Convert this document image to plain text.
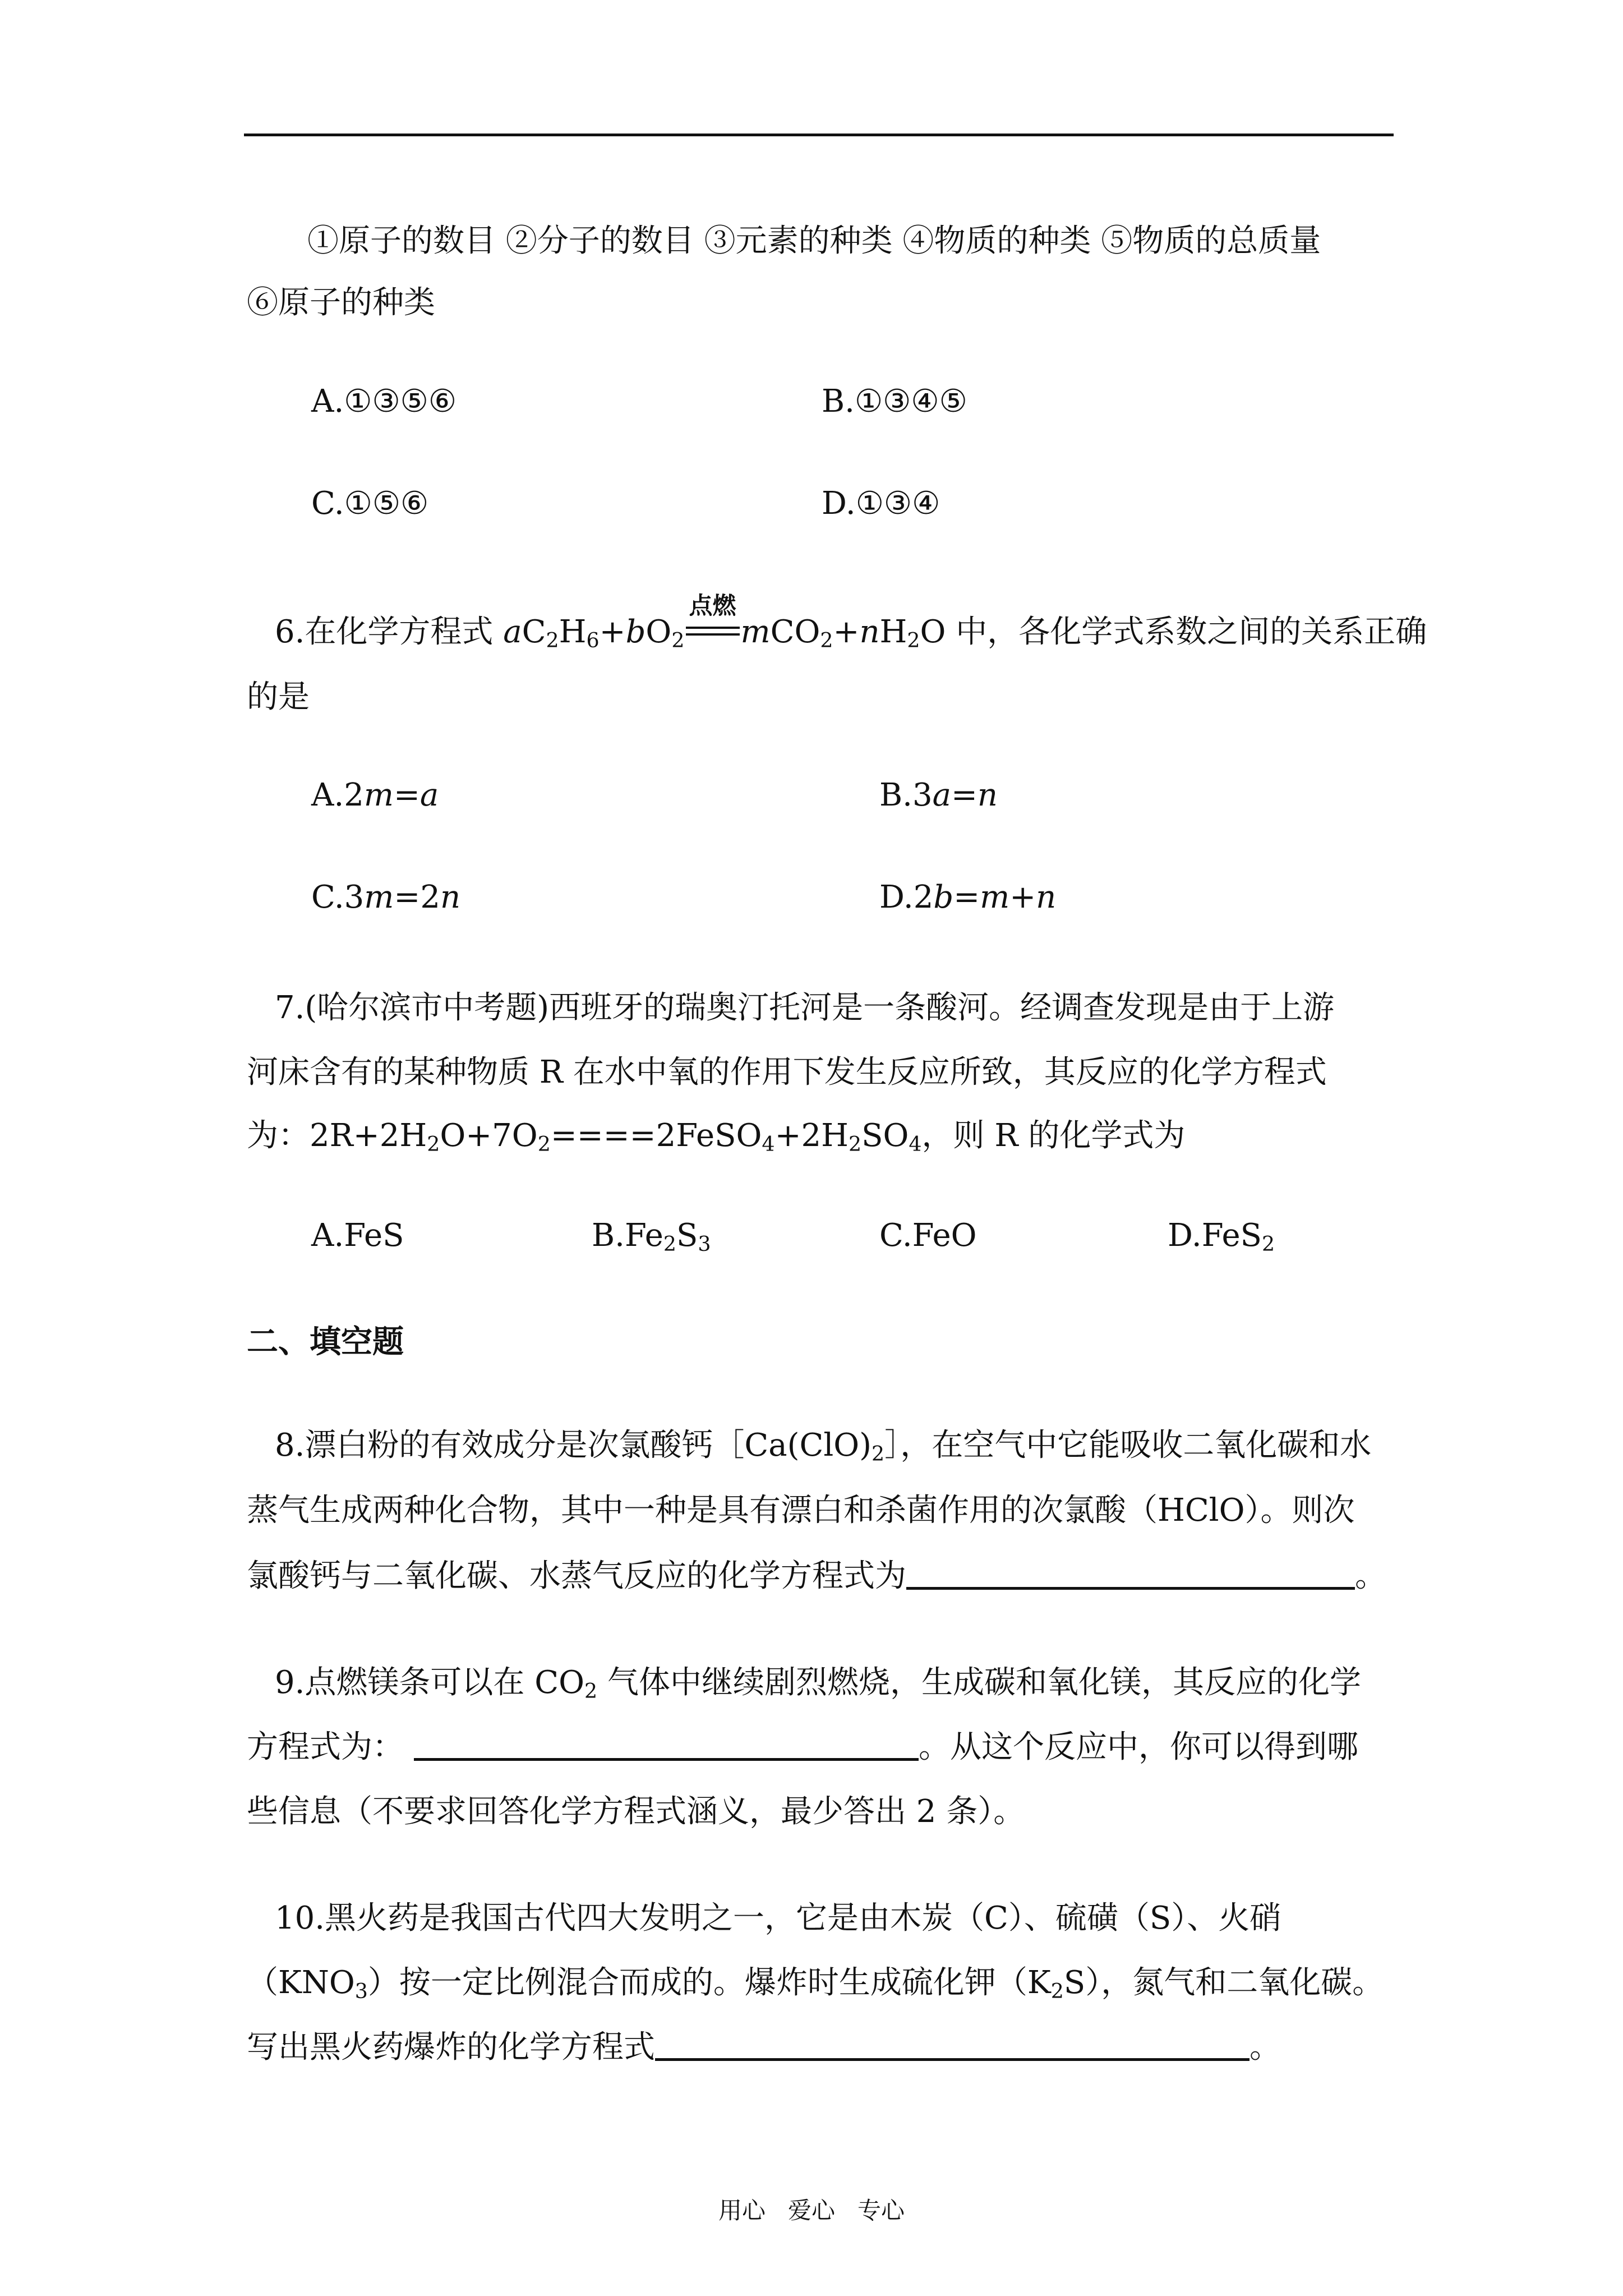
①原子的数目 ②分子的数目 ③元素的种类 ④物质的种类 ⑤物质的总质量
⑥原子的种类
A.①③⑤⑥	B.①③④⑤
C.①⑤⑥	D.①③④
6.在化学方程式 $aC_2H_6+bO_2$
点燃
$mCO_2+nH_2O$ 中，各化学式系数之间的关系正确
的是
A.2m=a	B.3a=n
C.3m=2n	D.2b=m+n
7.(哈尔滨市中考题)西班牙的瑞奥汀托河是一条酸河。经调查发现是由于上游
河床含有的某种物质 R 在水中氧的作用下发生反应所致，其反应的化学方程式
为：$2R+2H_2O+7O_2====2FeSO_4+2H_2SO_4$，则 R 的化学式为
A.FeS	$B.Fe_2S_3$	C.FeO	D.FeS$_2$
二、填空题
8.漂白粉的有效成分是次氯酸钙$[Ca(ClO)_2]$，在空气中它能吸收二氧化碳和水
蒸气生成两种化合物，其中一种是具有漂白和杀菌作用的次氯酸（HClO）。则次
氯酸钙与二氧化碳、水蒸气反应的化学方程式为	。
9.点燃镁条可以在 $CO_2$ 气体中继续剧烈燃烧，生成碳和氧化镁，其反应的化学
方程式为：	。从这个反应中，你可以得到哪
些信息（不要求回答化学方程式涵义，最少答出 2 条）。
10.黑火药是我国古代四大发明之一，它是由木炭（C）、硫磺（S）、火硝
$(KNO_3)$按一定比例混合而成的。爆炸时生成硫化钾$(K_2S)$，氮气和二氧化碳。
写出黑火药爆炸的化学方程式	。
用心   爱心   专心
